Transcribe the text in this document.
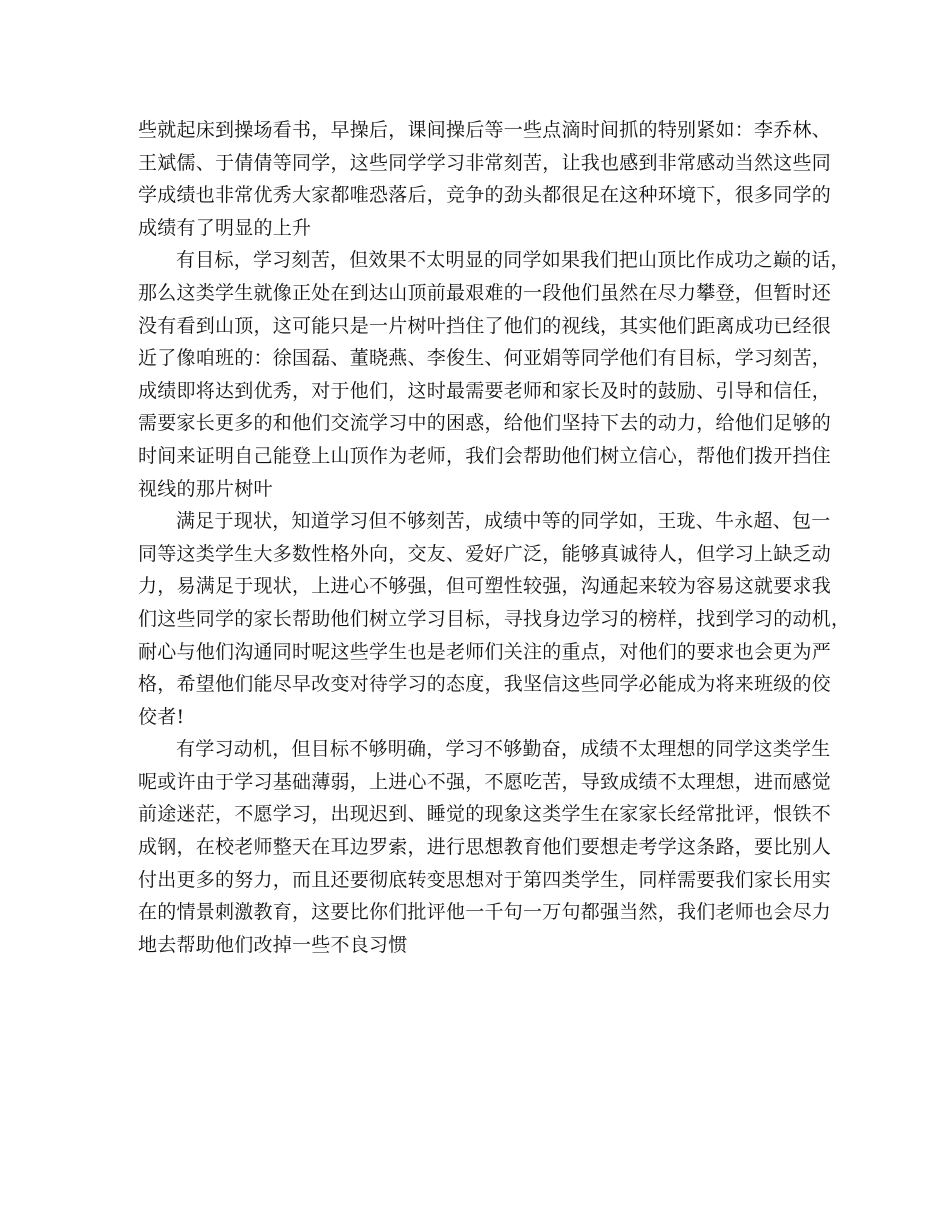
些就起床到操场看书，早操后，课间操后等一些点滴时间抓的特别紧如：李乔林、
王斌儒、于倩倩等同学，这些同学学习非常刻苦，让我也感到非常感动当然这些同
学成绩也非常优秀大家都唯恐落后，竞争的劲头都很足在这种环境下，很多同学的
成绩有了明显的上升
有目标，学习刻苦，但效果不太明显的同学如果我们把山顶比作成功之巅的话，
那么这类学生就像正处在到达山顶前最艰难的一段他们虽然在尽力攀登，但暂时还
没有看到山顶，这可能只是一片树叶挡住了他们的视线，其实他们距离成功已经很
近了像咱班的：徐国磊、董晓燕、李俊生、何亚娟等同学他们有目标，学习刻苦，
成绩即将达到优秀，对于他们，这时最需要老师和家长及时的鼓励、引导和信任，
需要家长更多的和他们交流学习中的困惑，给他们坚持下去的动力，给他们足够的
时间来证明自己能登上山顶作为老师，我们会帮助他们树立信心，帮他们拨开挡住
视线的那片树叶
满足于现状，知道学习但不够刻苦，成绩中等的同学如，王珑、牛永超、包一
同等这类学生大多数性格外向，交友、爱好广泛，能够真诚待人，但学习上缺乏动
力，易满足于现状，上进心不够强，但可塑性较强，沟通起来较为容易这就要求我
们这些同学的家长帮助他们树立学习目标，寻找身边学习的榜样，找到学习的动机，
耐心与他们沟通同时呢这些学生也是老师们关注的重点，对他们的要求也会更为严
格，希望他们能尽早改变对待学习的态度，我坚信这些同学必能成为将来班级的佼
佼者!
有学习动机，但目标不够明确，学习不够勤奋，成绩不太理想的同学这类学生
呢或许由于学习基础薄弱，上进心不强，不愿吃苦，导致成绩不太理想，进而感觉
前途迷茫，不愿学习，出现迟到、睡觉的现象这类学生在家家长经常批评，恨铁不
成钢，在校老师整天在耳边罗索，进行思想教育他们要想走考学这条路，要比别人
付出更多的努力，而且还要彻底转变思想对于第四类学生，同样需要我们家长用实
在的情景刺激教育，这要比你们批评他一千句一万句都强当然，我们老师也会尽力
地去帮助他们改掉一些不良习惯
